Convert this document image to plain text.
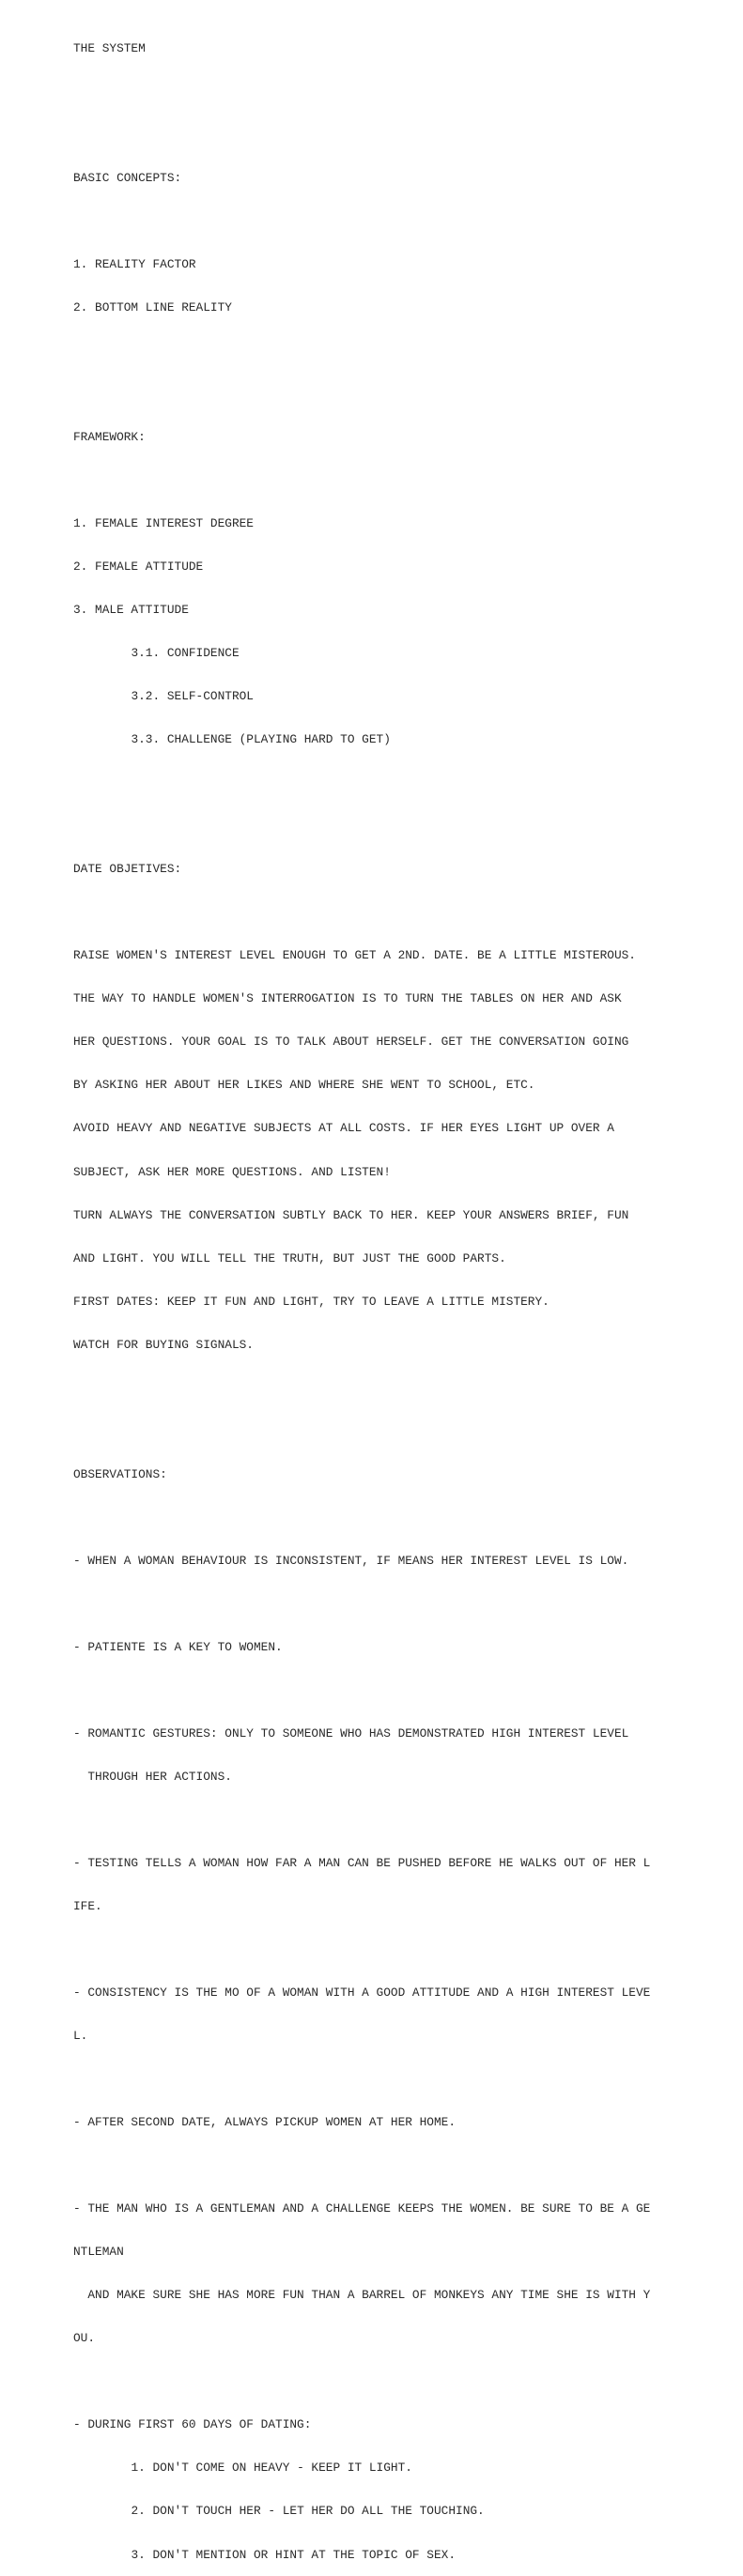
THE SYSTEM

BASIC CONCEPTS:

1. REALITY FACTOR

2. BOTTOM LINE REALITY

FRAMEWORK:

1. FEMALE INTEREST DEGREE

2. FEMALE ATTITUDE

3. MALE ATTITUDE

	3.1. CONFIDENCE

	3.2. SELF-CONTROL

	3.3. CHALLENGE (PLAYING HARD TO GET)

DATE OBJETIVES:

RAISE WOMEN'S INTEREST LEVEL ENOUGH TO GET A 2ND. DATE. BE A LITTLE MISTEROUS.

THE WAY TO HANDLE WOMEN'S INTERROGATION IS TO TURN THE TABLES ON HER AND ASK

HER QUESTIONS. YOUR GOAL IS TO TALK ABOUT HERSELF. GET THE CONVERSATION GOING

BY ASKING HER ABOUT HER LIKES AND WHERE SHE WENT TO SCHOOL, ETC.

AVOID HEAVY AND NEGATIVE SUBJECTS AT ALL COSTS. IF HER EYES LIGHT UP OVER A

SUBJECT, ASK HER MORE QUESTIONS. AND LISTEN!

TURN ALWAYS THE CONVERSATION SUBTLY BACK TO HER. KEEP YOUR ANSWERS BRIEF, FUN

AND LIGHT. YOU WILL TELL THE TRUTH, BUT JUST THE GOOD PARTS.

FIRST DATES: KEEP IT FUN AND LIGHT, TRY TO LEAVE A LITTLE MISTERY.

WATCH FOR BUYING SIGNALS.

OBSERVATIONS:

- WHEN A WOMAN BEHAVIOUR IS INCONSISTENT, IF MEANS HER INTEREST LEVEL IS LOW.

- PATIENTE IS A KEY TO WOMEN.

- ROMANTIC GESTURES: ONLY TO SOMEONE WHO HAS DEMONSTRATED HIGH INTEREST LEVEL

THROUGH HER ACTIONS.

- TESTING TELLS A WOMAN HOW FAR A MAN CAN BE PUSHED BEFORE HE WALKS OUT OF HER L

IFE.

- CONSISTENCY IS THE MO OF A WOMAN WITH A GOOD ATTITUDE AND A HIGH INTEREST LEVE

L.

- AFTER SECOND DATE, ALWAYS PICKUP WOMEN AT HER HOME.

- THE MAN WHO IS A GENTLEMAN AND A CHALLENGE KEEPS THE WOMEN. BE SURE TO BE A GE

NTLEMAN

AND MAKE SURE SHE HAS MORE FUN THAN A BARREL OF MONKEYS ANY TIME SHE IS WITH Y

OU.

- DURING FIRST 60 DAYS OF DATING:

	1. DON'T COME ON HEAVY - KEEP IT LIGHT.

	2. DON'T TOUCH HER - LET HER DO ALL THE TOUCHING.

	3. DON'T MENTION OR HINT AT THE TOPIC OF SEX.
